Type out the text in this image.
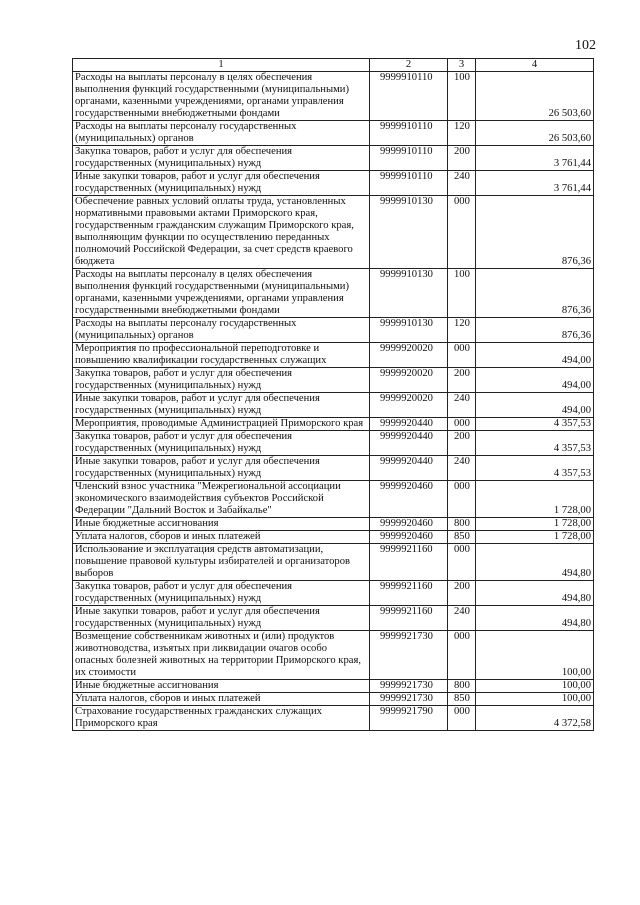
102
1	2	3	4
Расходы на выплаты персоналу в целях обеспечения выполнения функций государственными (муниципальными) органами, казенными учреждениями, органами управления государственными внебюджетными фондами	9999910110	100	26 503,60
Расходы на выплаты персоналу государственных (муниципальных) органов	9999910110	120	26 503,60
Закупка товаров, работ и услуг для обеспечения государственных (муниципальных) нужд	9999910110	200	3 761,44
Иные закупки товаров, работ и услуг для обеспечения государственных (муниципальных) нужд	9999910110	240	3 761,44
Обеспечение равных условий оплаты труда, установленных нормативными правовыми актами Приморского края, государственным гражданским служащим Приморского края, выполняющим функции по осуществлению переданных полномочий Российской Федерации, за счет средств краевого бюджета	9999910130	000	876,36
Расходы на выплаты персоналу в целях обеспечения выполнения функций государственными (муниципальными) органами, казенными учреждениями, органами управления государственными внебюджетными фондами	9999910130	100	876,36
Расходы на выплаты персоналу государственных (муниципальных) органов	9999910130	120	876,36
Мероприятия по профессиональной переподготовке и повышению квалификации государственных служащих	9999920020	000	494,00
Закупка товаров, работ и услуг для обеспечения государственных (муниципальных) нужд	9999920020	200	494,00
Иные закупки товаров, работ и услуг для обеспечения государственных (муниципальных) нужд	9999920020	240	494,00
Мероприятия, проводимые Администрацией Приморского края	9999920440	000	4 357,53
Закупка товаров, работ и услуг для обеспечения государственных (муниципальных) нужд	9999920440	200	4 357,53
Иные закупки товаров, работ и услуг для обеспечения государственных (муниципальных) нужд	9999920440	240	4 357,53
Членский взнос участника "Межрегиональной ассоциации экономического взаимодействия субъектов Российской Федерации "Дальний Восток и Забайкалье"	9999920460	000	1 728,00
Иные бюджетные ассигнования	9999920460	800	1 728,00
Уплата налогов, сборов и иных платежей	9999920460	850	1 728,00
Использование и эксплуатация средств автоматизации, повышение правовой культуры избирателей и организаторов выборов	9999921160	000	494,80
Закупка товаров, работ и услуг для обеспечения государственных (муниципальных) нужд	9999921160	200	494,80
Иные закупки товаров, работ и услуг для обеспечения государственных (муниципальных) нужд	9999921160	240	494,80
Возмещение собственникам животных и (или) продуктов животноводства, изъятых при ликвидации очагов особо опасных болезней животных на территории Приморского края, их стоимости	9999921730	000	100,00
Иные бюджетные ассигнования	9999921730	800	100,00
Уплата налогов, сборов и иных платежей	9999921730	850	100,00
Страхование государственных гражданских служащих Приморского края	9999921790	000	4 372,58
